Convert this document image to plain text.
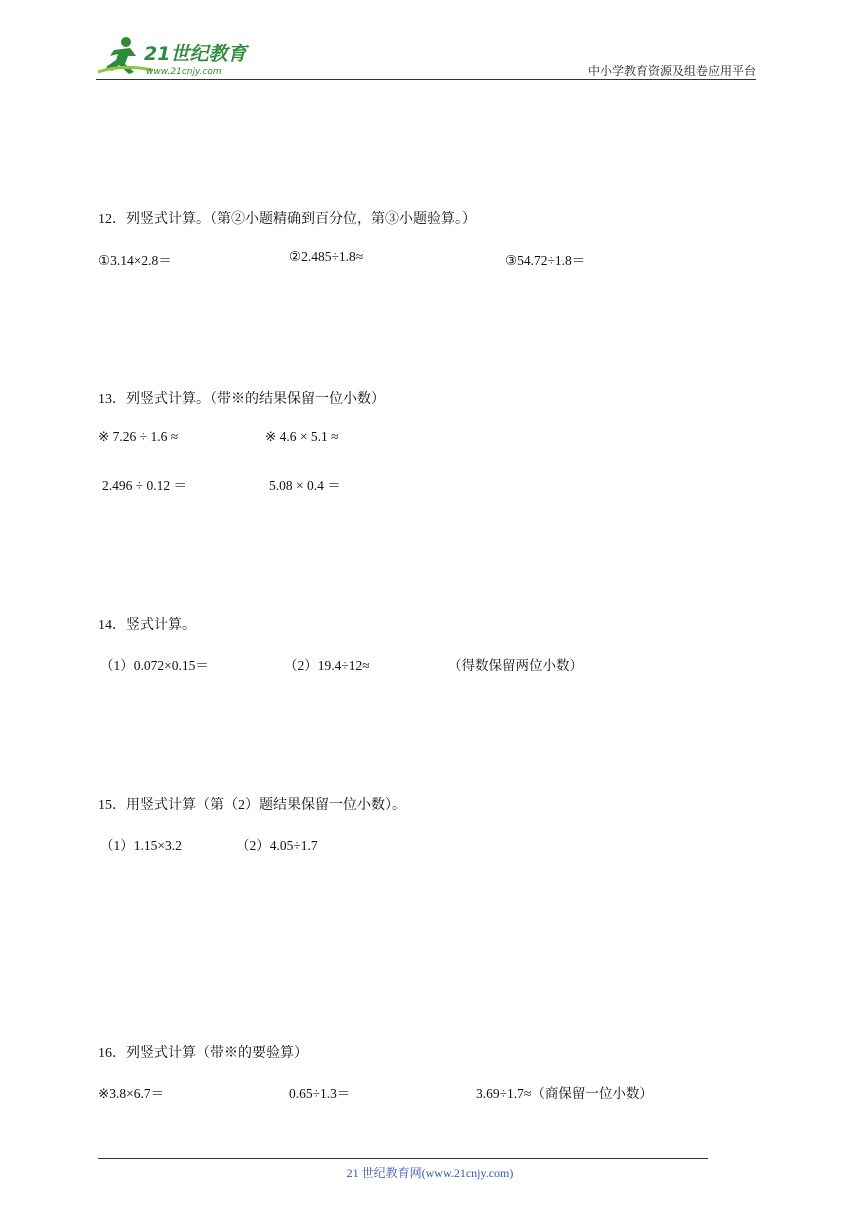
21世纪教育
www.21cnjy.com	中小学教育资源及组卷应用平台
12．列竖式计算。（第②小题精确到百分位，第③小题验算。）
①3.14×2.8＝	②2.485÷1.8≈	③54.72÷1.8＝
13．列竖式计算。（带※的结果保留一位小数）
※ 7.26 ÷ 1.6 ≈	※ 4.6 × 5.1 ≈
2.496 ÷ 0.12 ＝	5.08 × 0.4 ＝
14．竖式计算。
（1）0.072×0.15＝	（2）19.4÷12≈	（得数保留两位小数）
15．用竖式计算（第（2）题结果保留一位小数）。
（1）1.15×3.2	（2）4.05÷1.7
16．列竖式计算（带※的要验算）
※3.8×6.7＝	0.65÷1.3＝	3.69÷1.7≈（商保留一位小数）
21 世纪教育网(www.21cnjy.com)
